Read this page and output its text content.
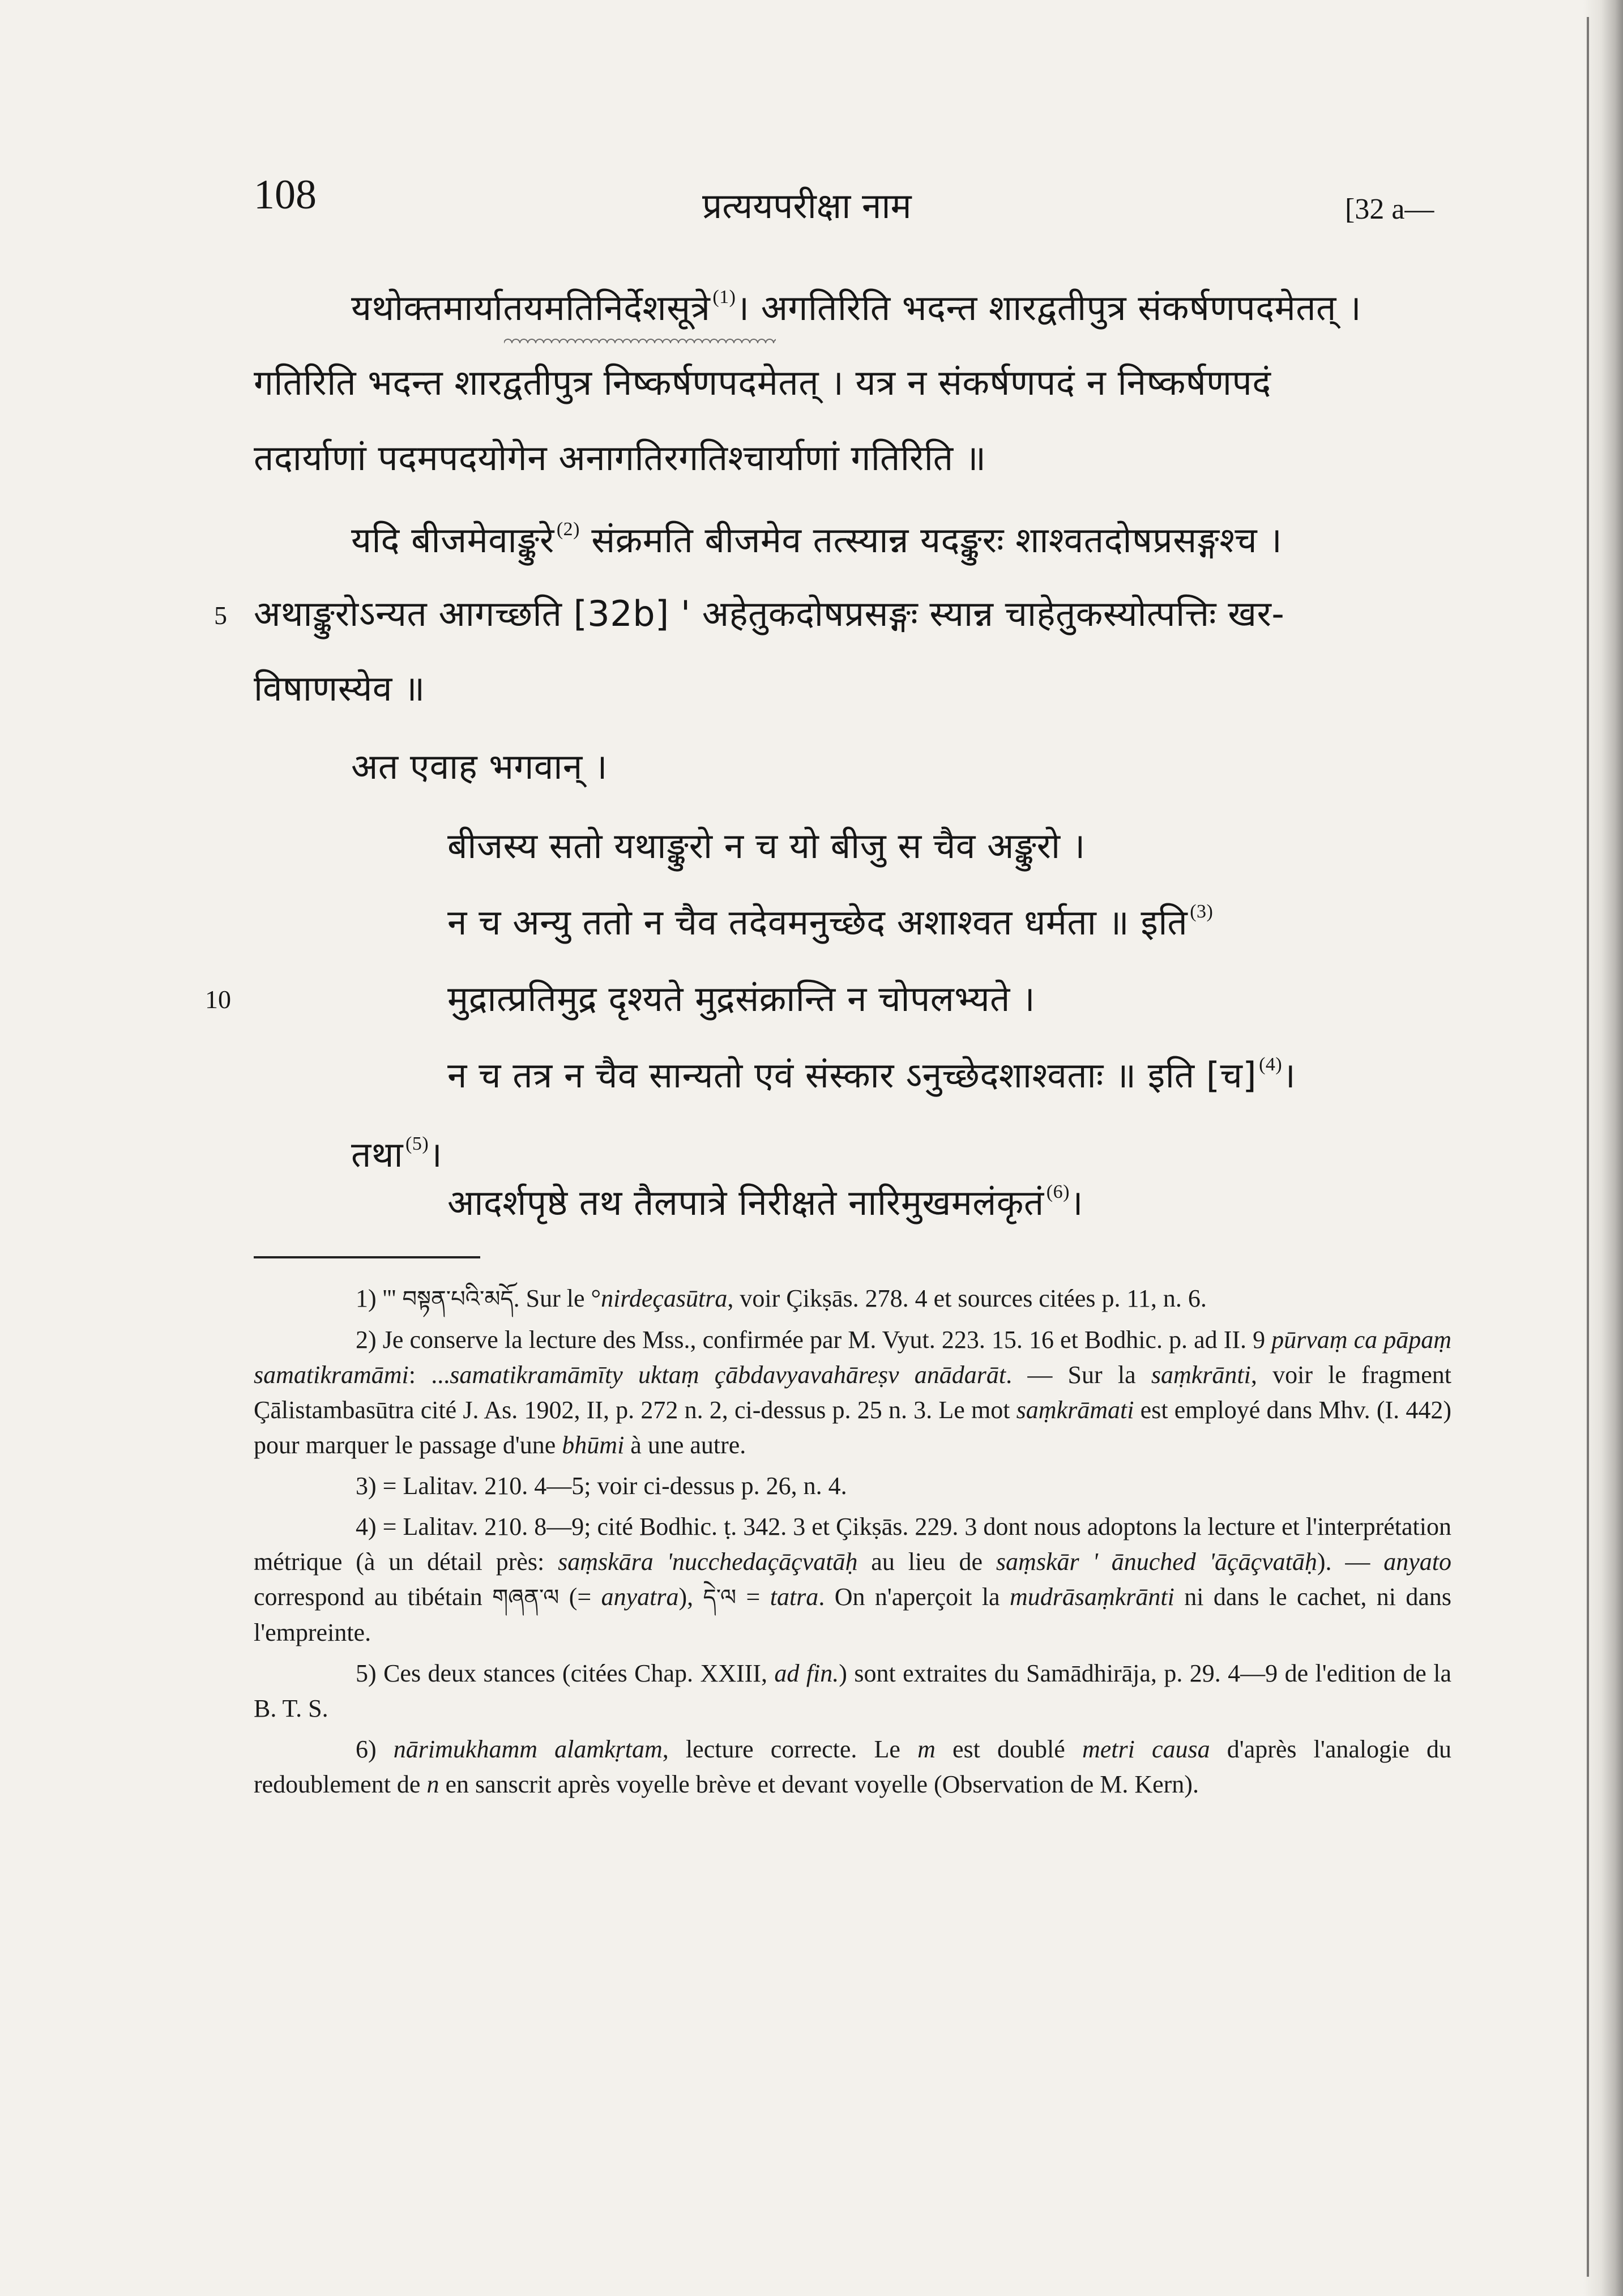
108	प्रत्ययपरीक्षा नाम	[32 a—
यथोक्तमार्यातयमतिनिर्देशसूत्रे $^{(1)}$। अगतिरिति भदन्त शारद्वतीपुत्र संकर्षणपदमेतत् ।
गतिरिति भदन्त शारद्वतीपुत्र निष्कर्षणपदमेतत् । यत्र न संकर्षणपदं न निष्कर्षणपदं
तदार्याणां पदमपदयोगेन अनागतिरगतिश्चार्याणां गतिरिति ॥
यदि बीजमेवाङ्कुरे $^{(2)}$ संक्रमति बीजमेव तत्स्यान्न यदङ्कुरः शाश्वतदोषप्रसङ्गश्च ।
5 अथाङ्कुरोऽन्यत आगच्छति [32b] ' अहेतुकदोषप्रसङ्गः स्यान्न चाहेतुकस्योत्पत्तिः खर-
विषाणस्येव ॥
अत एवाह भगवान् ।
बीजस्य सतो यथाङ्कुरो न च यो बीजु स चैव अङ्कुरो ।
न च अन्यु ततो न चैव तदेवमनुच्छेद अशाश्वत धर्मता ॥ इति $^{(3)}$
10	मुद्रात्प्रतिमुद्र दृश्यते मुद्रसंक्रान्ति न चोपलभ्यते ।
न च तत्र न चैव सान्यतो एवं संस्कार ऽनुच्छेदशाश्वताः ॥ इति [च] $^{(4)}$।
तथा $^{(5)}$।
आदर्शपृष्ठे तथ तैलपात्रे निरीक्षते नारिमुखमलंकृतं $^{(6)}$।

1) ''' བསྟན་པའི་མདོ. Sur le °nirdeçasūtra, voir Çikṣās. 278. 4 et sources citées p. 11, n. 6.

2) Je conserve la lecture des Mss., confirmée par M. Vyut. 223. 15. 16 et Bodhic. p. ad II. 9 pūrvaṃ ca pāpaṃ samatikramāmi: ...samatikramāmīty uktaṃ çābdavyavahāreṣv anādarāt. — Sur la saṃkrānti, voir le fragment Çālistambasūtra cité J. As. 1902, II, p. 272 n. 2, ci-dessus p. 25 n. 3. Le mot saṃkrāmati est employé dans Mhv. (I. 442) pour marquer le passage d'une bhūmi à une autre.

3) = Lalitav. 210. 4—5; voir ci-dessus p. 26, n. 4.

4) = Lalitav. 210. 8—9; cité Bodhic. ṭ. 342. 3 et Çikṣās. 229. 3 dont nous adoptons la lecture et l'interprétation métrique (à un détail près: saṃskāra 'nucchedaçāçvatāḥ au lieu de saṃskār ' ānuched 'āçāçvatāḥ). — anyato correspond au tibétain གཞན་ལ (= anyatra), དེ་ལ = tatra. On n'aperçoit la mudrāsaṃkrānti ni dans le cachet, ni dans l'empreinte.

5) Ces deux stances (citées Chap. XXIII, ad fin.) sont extraites du Samādhirāja, p. 29. 4—9 de l'edition de la B. T. S.

6) nārimukhamm alamkṛtam, lecture correcte. Le m est doublé metri causa d'après l'analogie du redoublement de n en sanscrit après voyelle brève et devant voyelle (Observation de M. Kern).
